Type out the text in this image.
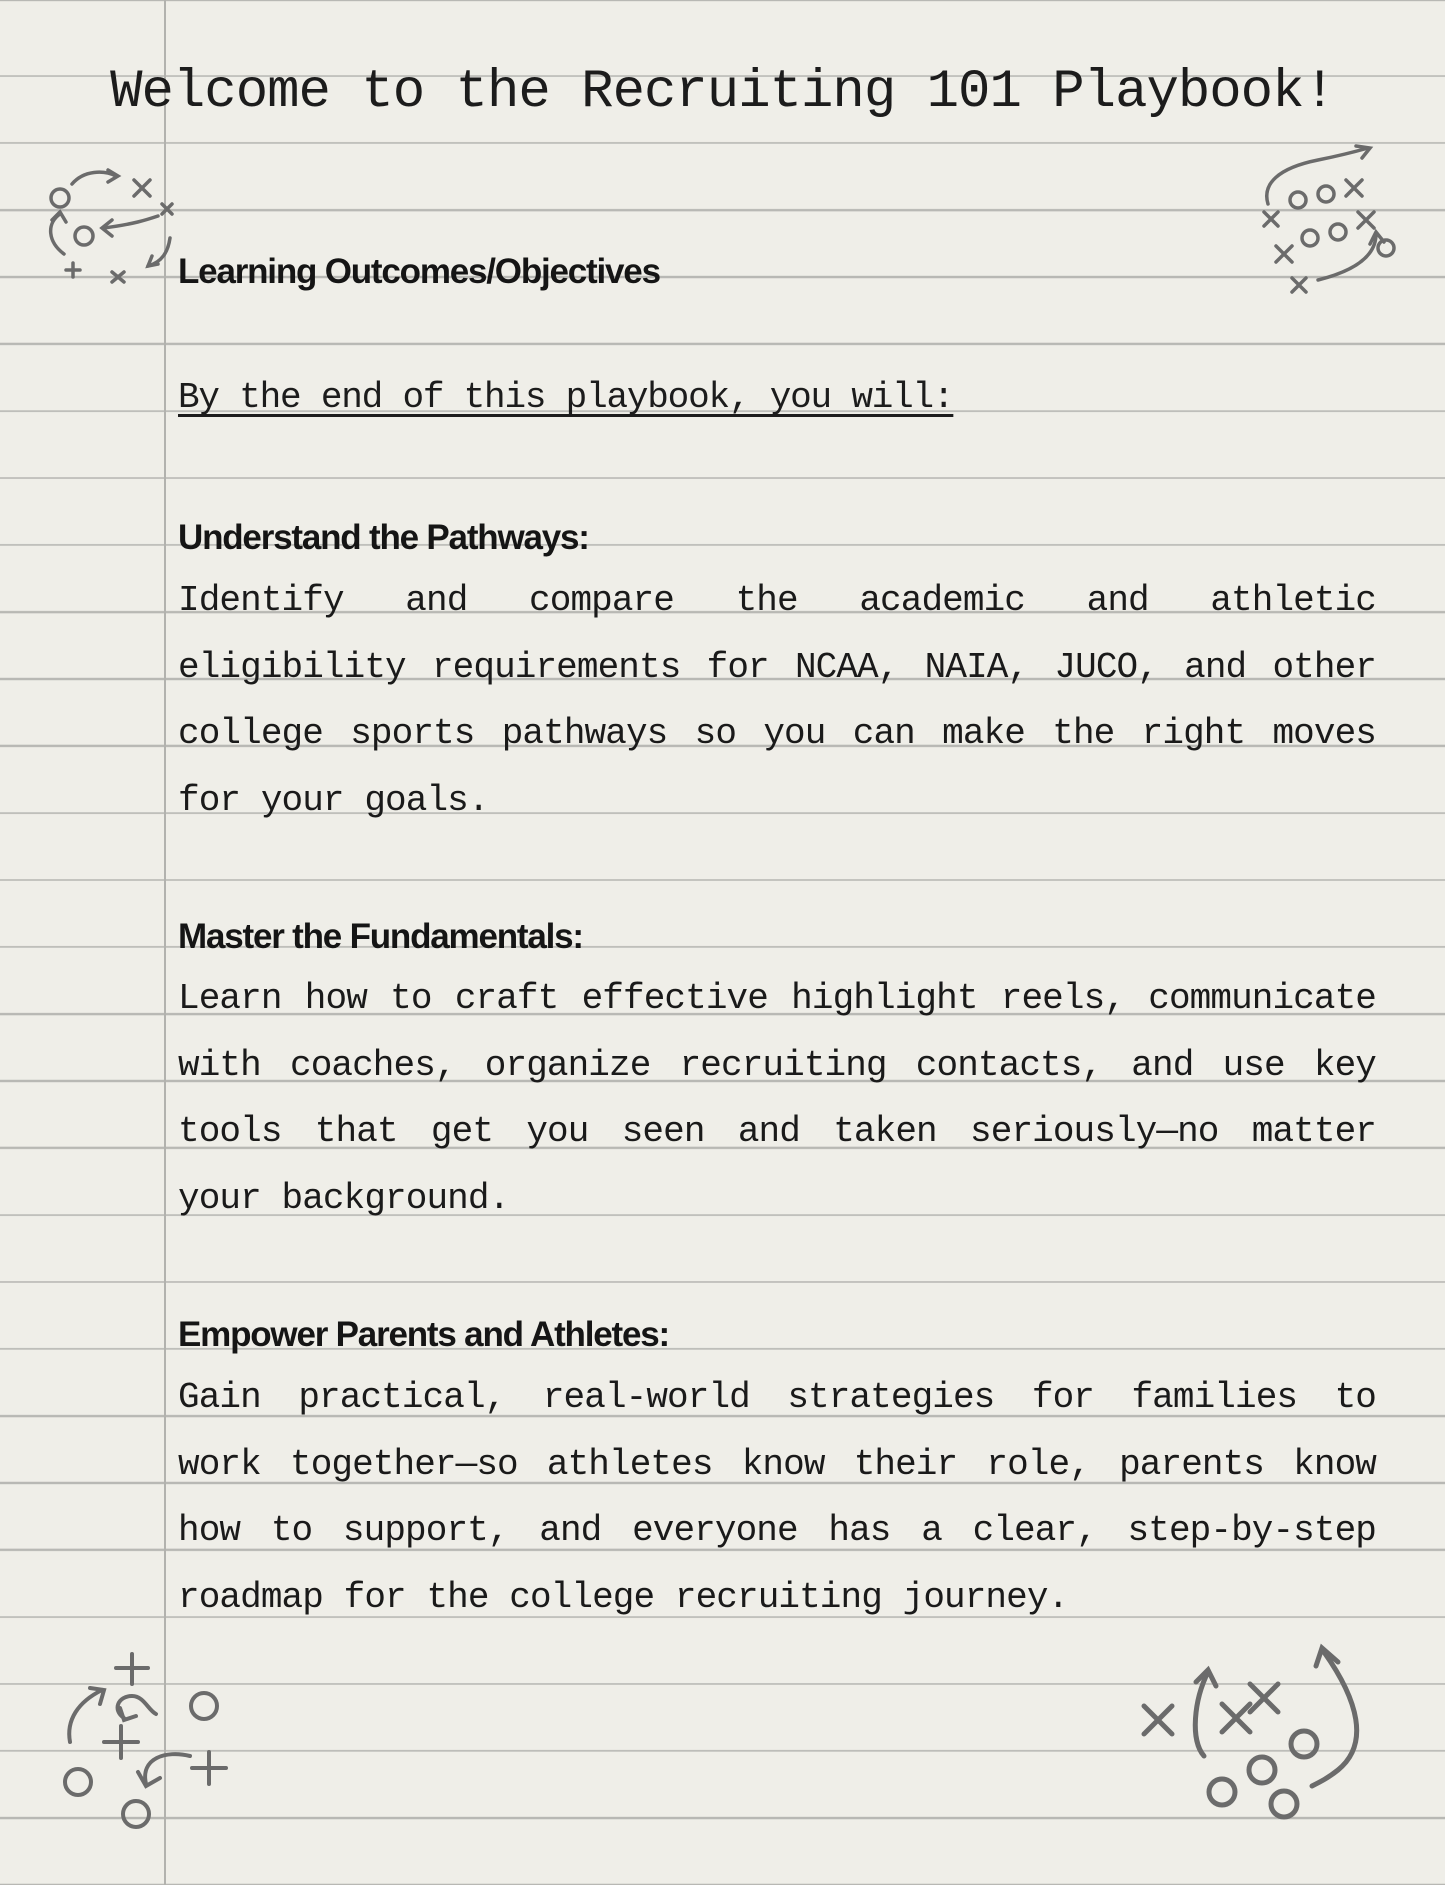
Welcome to the Recruiting 101 Playbook!
Learning Outcomes/Objectives

By the end of this playbook, you will:

Understand the Pathways:

Identify and compare the academic and athletic eligibility requirements for NCAA, NAIA, JUCO, and other college sports pathways so you can make the right moves for your goals.

Master the Fundamentals:

Learn how to craft effective highlight reels, communicate with coaches, organize recruiting contacts, and use key tools that get you seen and taken seriously—no matter your background.

Empower Parents and Athletes:

Gain practical, real-world strategies for families to work together—so athletes know their role, parents know how to support, and everyone has a clear, step-by-step roadmap for the college recruiting journey.
